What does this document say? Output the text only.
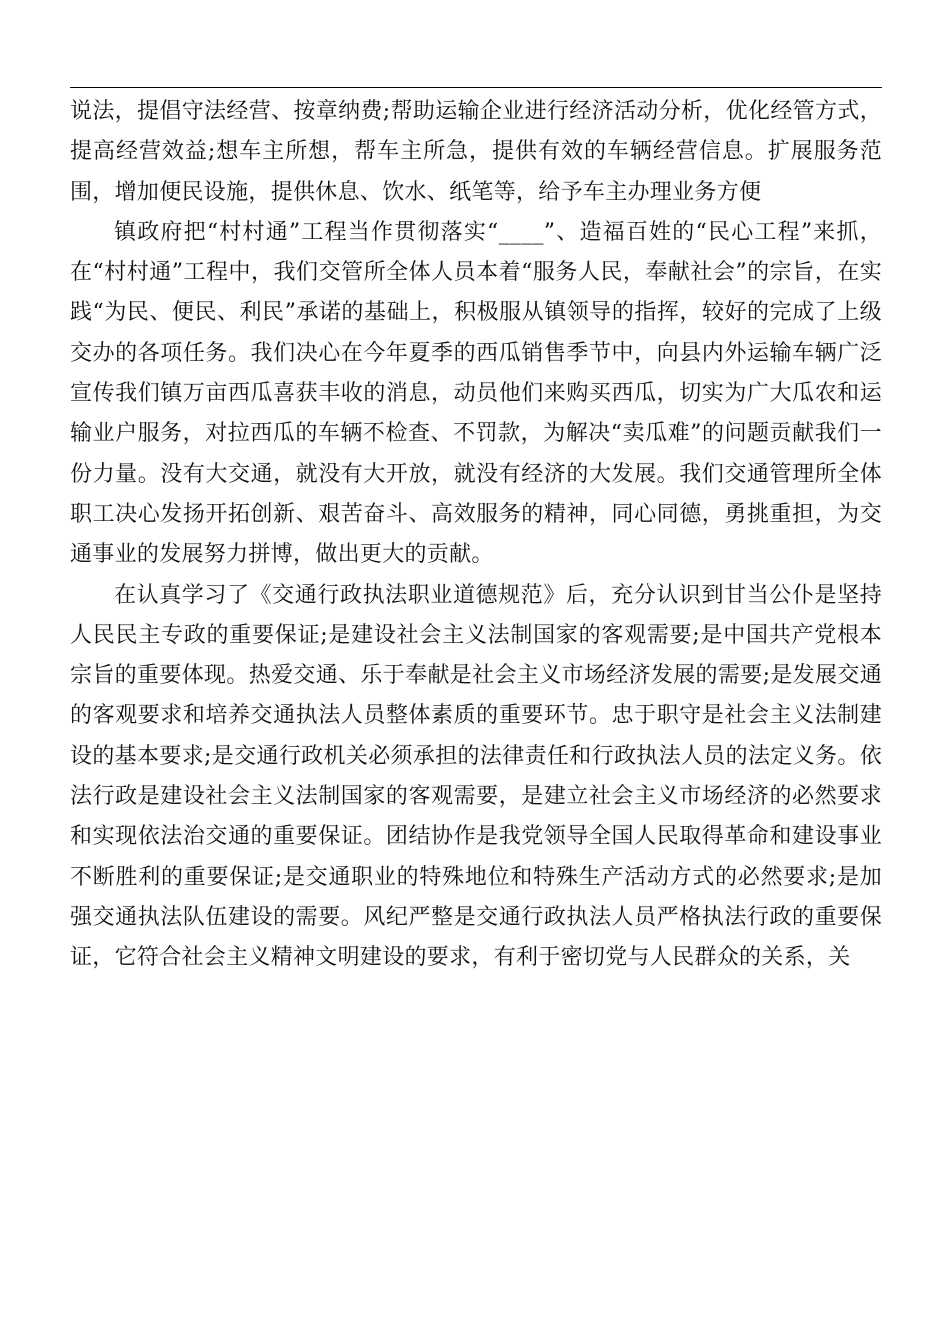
说法，提倡守法经营、按章纳费;帮助运输企业进行经济活动分析，优化经管方式，提高经营效益;想车主所想，帮车主所急，提供有效的车辆经营信息。扩展服务范围，增加便民设施，提供休息、饮水、纸笔等，给予车主办理业务方便

镇政府把“村村通”工程当作贯彻落实“____”、造福百姓的“民心工程”来抓，在“村村通”工程中，我们交管所全体人员本着“服务人民，奉献社会”的宗旨，在实践“为民、便民、利民”承诺的基础上，积极服从镇领导的指挥，较好的完成了上级交办的各项任务。我们决心在今年夏季的西瓜销售季节中，向县内外运输车辆广泛宣传我们镇万亩西瓜喜获丰收的消息，动员他们来购买西瓜，切实为广大瓜农和运输业户服务，对拉西瓜的车辆不检查、不罚款，为解决“卖瓜难”的问题贡献我们一份力量。没有大交通，就没有大开放，就没有经济的大发展。我们交通管理所全体职工决心发扬开拓创新、艰苦奋斗、高效服务的精神，同心同德，勇挑重担，为交通事业的发展努力拼博，做出更大的贡献。

在认真学习了《交通行政执法职业道德规范》后，充分认识到甘当公仆是坚持人民民主专政的重要保证;是建设社会主义法制国家的客观需要;是中国共产党根本宗旨的重要体现。热爱交通、乐于奉献是社会主义市场经济发展的需要;是发展交通的客观要求和培养交通执法人员整体素质的重要环节。忠于职守是社会主义法制建设的基本要求;是交通行政机关必须承担的法律责任和行政执法人员的法定义务。依法行政是建设社会主义法制国家的客观需要，是建立社会主义市场经济的必然要求和实现依法治交通的重要保证。团结协作是我党领导全国人民取得革命和建设事业不断胜利的重要保证;是交通职业的特殊地位和特殊生产活动方式的必然要求;是加强交通执法队伍建设的需要。风纪严整是交通行政执法人员严格执法行政的重要保证，它符合社会主义精神文明建设的要求，有利于密切党与人民群众的关系，关
